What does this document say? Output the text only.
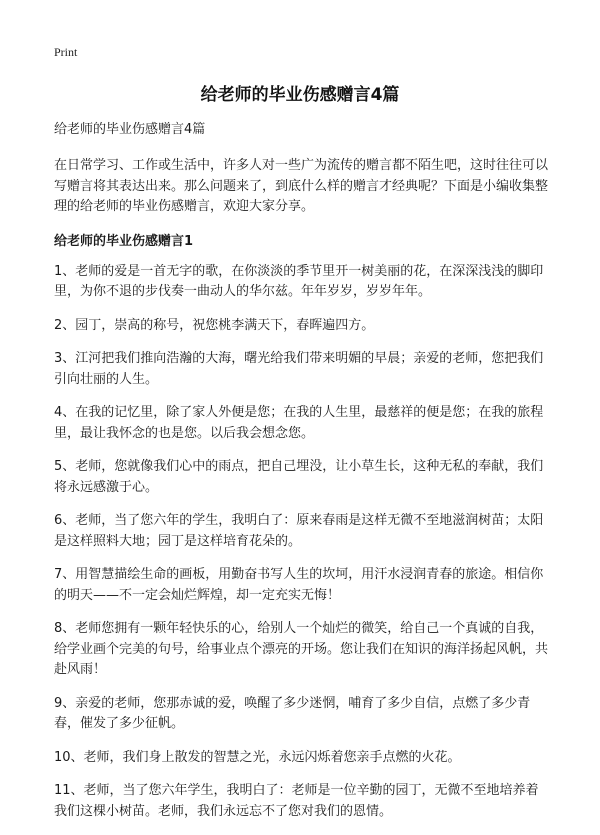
Print
给老师的毕业伤感赠言4篇

给老师的毕业伤感赠言4篇

在日常学习、工作或生活中，许多人对一些广为流传的赠言都不陌生吧，这时往往可以写赠言将其表达出来。那么问题来了，到底什么样的赠言才经典呢？下面是小编收集整理的给老师的毕业伤感赠言，欢迎大家分享。

给老师的毕业伤感赠言1
1、老师的爱是一首无字的歌，在你淡淡的季节里开一树美丽的花，在深深浅浅的脚印里，为你不退的步伐奏一曲动人的华尔兹。年年岁岁，岁岁年年。
2、园丁，崇高的称号，祝您桃李满天下，春晖遍四方。
3、江河把我们推向浩瀚的大海，曙光给我们带来明媚的早晨；亲爱的老师，您把我们引向壮丽的人生。
4、在我的记忆里，除了家人外便是您；在我的人生里，最慈祥的便是您；在我的旅程里，最让我怀念的也是您。以后我会想念您。
5、老师，您就像我们心中的雨点，把自己埋没，让小草生长，这种无私的奉献，我们将永远感激于心。
6、老师，当了您六年的学生，我明白了：原来春雨是这样无微不至地滋润树苗；太阳是这样照料大地；园丁是这样培育花朵的。
7、用智慧描绘生命的画板，用勤奋书写人生的坎坷，用汗水浸润青春的旅途。相信你的明天——不一定会灿烂辉煌，却一定充实无悔！
8、老师您拥有一颗年轻快乐的心，给别人一个灿烂的微笑，给自己一个真诚的自我，给学业画个完美的句号，给事业点个漂亮的开场。您让我们在知识的海洋扬起风帆，共赴风雨！
9、亲爱的老师，您那赤诚的爱，唤醒了多少迷惘，哺育了多少自信，点燃了多少青春，催发了多少征帆。
10、老师，我们身上散发的智慧之光，永远闪烁着您亲手点燃的火花。
11、老师，当了您六年学生，我明白了：老师是一位辛勤的园丁，无微不至地培养着我们这棵小树苗。老师，我们永远忘不了您对我们的恩情。
